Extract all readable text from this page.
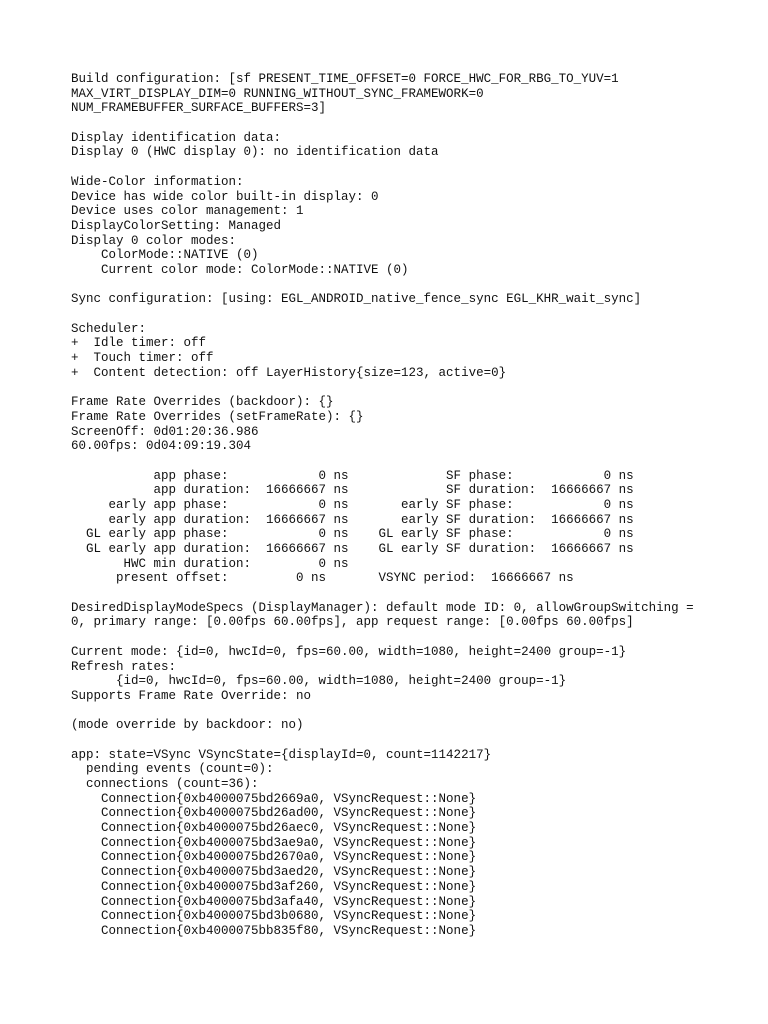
Build configuration: [sf PRESENT_TIME_OFFSET=0 FORCE_HWC_FOR_RBG_TO_YUV=1
MAX_VIRT_DISPLAY_DIM=0 RUNNING_WITHOUT_SYNC_FRAMEWORK=0
NUM_FRAMEBUFFER_SURFACE_BUFFERS=3]
Display identification data:
Display 0 (HWC display 0): no identification data
Wide-Color information:
Device has wide color built-in display: 0
Device uses color management: 1
DisplayColorSetting: Managed
Display 0 color modes:
ColorMode::NATIVE (0)
Current color mode: ColorMode::NATIVE (0)
Sync configuration: [using: EGL_ANDROID_native_fence_sync EGL_KHR_wait_sync]
Scheduler:
+  Idle timer: off
+  Touch timer: off
+  Content detection: off LayerHistory{size=123, active=0}
Frame Rate Overrides (backdoor): {}
Frame Rate Overrides (setFrameRate): {}
ScreenOff: 0d01:20:36.986
60.00fps: 0d04:09:19.304
app phase:            0 ns             SF phase:            0 ns
app duration:  16666667 ns             SF duration:  16666667 ns
early app phase:            0 ns       early SF phase:            0 ns
early app duration:  16666667 ns       early SF duration:  16666667 ns
GL early app phase:            0 ns    GL early SF phase:            0 ns
GL early app duration:  16666667 ns    GL early SF duration:  16666667 ns
HWC min duration:         0 ns
present offset:         0 ns       VSYNC period:  16666667 ns
DesiredDisplayModeSpecs (DisplayManager): default mode ID: 0, allowGroupSwitching =
0, primary range: [0.00fps 60.00fps], app request range: [0.00fps 60.00fps]
Current mode: {id=0, hwcId=0, fps=60.00, width=1080, height=2400 group=-1}
Refresh rates:
{id=0, hwcId=0, fps=60.00, width=1080, height=2400 group=-1}
Supports Frame Rate Override: no
(mode override by backdoor: no)
app: state=VSync VSyncState={displayId=0, count=1142217}
pending events (count=0):
connections (count=36):
Connection{0xb4000075bd2669a0, VSyncRequest::None}
Connection{0xb4000075bd26ad00, VSyncRequest::None}
Connection{0xb4000075bd26aec0, VSyncRequest::None}
Connection{0xb4000075bd3ae9a0, VSyncRequest::None}
Connection{0xb4000075bd2670a0, VSyncRequest::None}
Connection{0xb4000075bd3aed20, VSyncRequest::None}
Connection{0xb4000075bd3af260, VSyncRequest::None}
Connection{0xb4000075bd3afa40, VSyncRequest::None}
Connection{0xb4000075bd3b0680, VSyncRequest::None}
Connection{0xb4000075bb835f80, VSyncRequest::None}
